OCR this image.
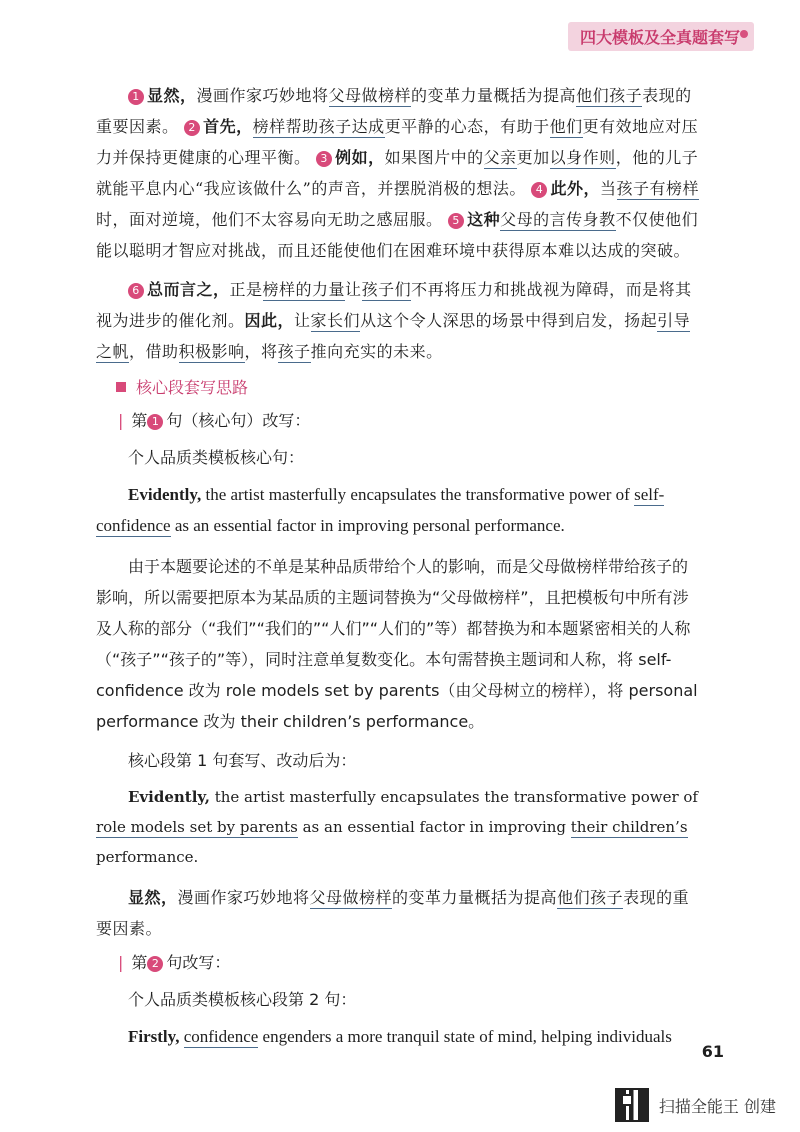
四大模板及全真题套写

1 显然，漫画作家巧妙地将父母做榜样的变革力量概括为提高他们孩子表现的重要因素。 2 首先，榜样帮助孩子达成更平静的心态，有助于他们更有效地应对压力并保持更健康的心理平衡。 3 例如，如果图片中的父亲更加以身作则，他的儿子就能平息内心“我应该做什么”的声音，并摆脱消极的想法。 4 此外，当孩子有榜样时，面对逆境，他们不太容易向无助之感屈服。 5 这种父母的言传身教不仅使他们能以聪明才智应对挑战，而且还能使他们在困难环境中获得原本难以达成的突破。

6 总而言之，正是榜样的力量让孩子们不再将压力和挑战视为障碍，而是将其视为进步的催化剂。因此，让家长们从这个令人深思的场景中得到启发，扬起引导之帆，借助积极影响，将孩子推向充实的未来。

核心段套写思路
| 第 1 句（核心句）改写：

个人品质类模板核心句：

Evidently, the artist masterfully encapsulates the transformative power of self-confidence as an essential factor in improving personal performance.

由于本题要论述的不单是某种品质带给个人的影响，而是父母做榜样带给孩子的影响，所以需要把原本为某品质的主题词替换为“父母做榜样”，且把模板句中所有涉及人称的部分（“我们”“我们的”“人们”“人们的”等）都替换为和本题紧密相关的人称（“孩子”“孩子的”等），同时注意单复数变化。本句需替换主题词和人称，将 self-confidence 改为 role models set by parents（由父母树立的榜样），将 personal performance 改为 their children’s performance。

核心段第 1 句套写、改动后为：

Evidently, the artist masterfully encapsulates the transformative power of role models set by parents as an essential factor in improving their children’s performance.

显然，漫画作家巧妙地将父母做榜样的变革力量概括为提高他们孩子表现的重要因素。

| 第 2 句改写：

个人品质类模板核心段第 2 句：

Firstly, confidence engenders a more tranquil state of mind, helping individuals

61
扫描全能王 创建
